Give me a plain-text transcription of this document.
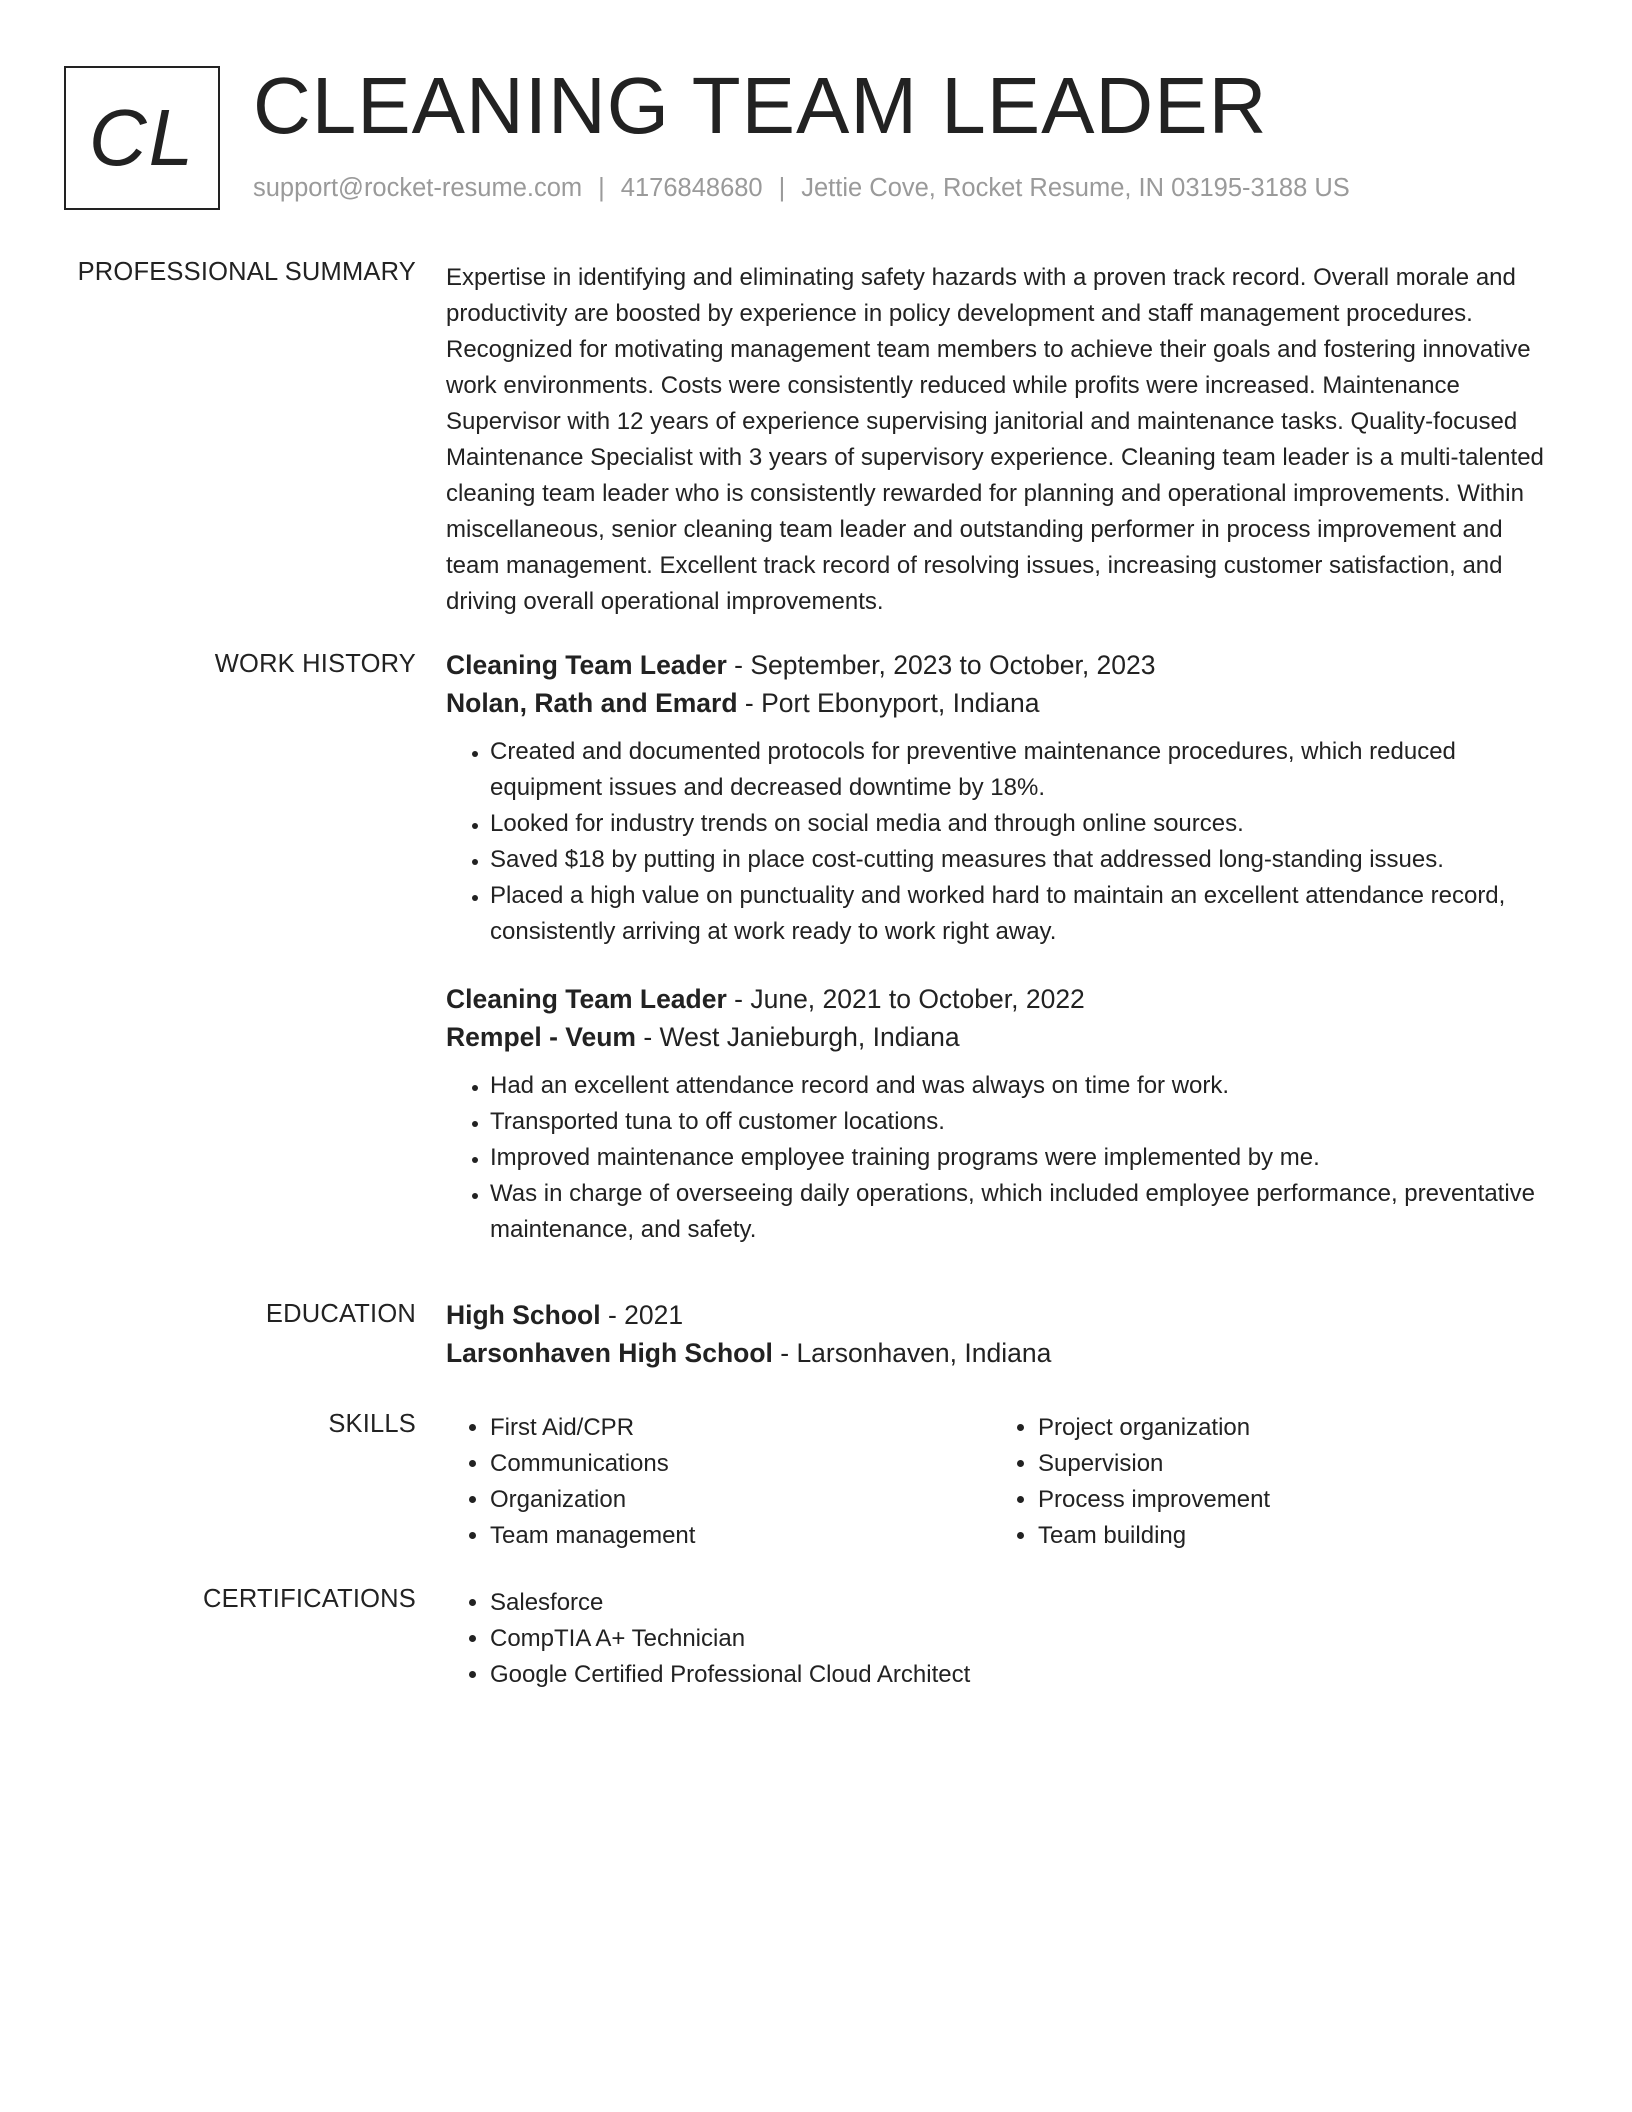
CL CLEANING TEAM LEADER
support@rocket-resume.com | 4176848680 | Jettie Cove, Rocket Resume, IN 03195-3188 US
PROFESSIONAL SUMMARY Expertise in identifying and eliminating safety hazards with a proven track record. Overall morale and productivity are boosted by experience in policy development and staff management procedures. Recognized for motivating management team members to achieve their goals and fostering innovative work environments. Costs were consistently reduced while profits were increased. Maintenance Supervisor with 12 years of experience supervising janitorial and maintenance tasks. Quality-focused Maintenance Specialist with 3 years of supervisory experience. Cleaning team leader is a multi-talented cleaning team leader who is consistently rewarded for planning and operational improvements. Within miscellaneous, senior cleaning team leader and outstanding performer in process improvement and team management. Excellent track record of resolving issues, increasing customer satisfaction, and driving overall operational improvements.
WORK HISTORY Cleaning Team Leader - September, 2023 to October, 2023
Nolan, Rath and Emard - Port Ebonyport, Indiana
• Created and documented protocols for preventive maintenance procedures, which reduced equipment issues and decreased downtime by 18%.
• Looked for industry trends on social media and through online sources.
• Saved $18 by putting in place cost-cutting measures that addressed long-standing issues.
• Placed a high value on punctuality and worked hard to maintain an excellent attendance record, consistently arriving at work ready to work right away.
Cleaning Team Leader - June, 2021 to October, 2022
Rempel - Veum - West Janieburgh, Indiana
• Had an excellent attendance record and was always on time for work.
• Transported tuna to off customer locations.
• Improved maintenance employee training programs were implemented by me.
• Was in charge of overseeing daily operations, which included employee performance, preventative maintenance, and safety.
EDUCATION High School - 2021
Larsonhaven High School - Larsonhaven, Indiana
SKILLS	• First Aid/CPR
• Communications
• Organization
• Team management
• Project organization
• Supervision
• Process improvement
• Team building
CERTIFICATIONS	• Salesforce
• CompTIA A+ Technician
• Google Certified Professional Cloud Architect
